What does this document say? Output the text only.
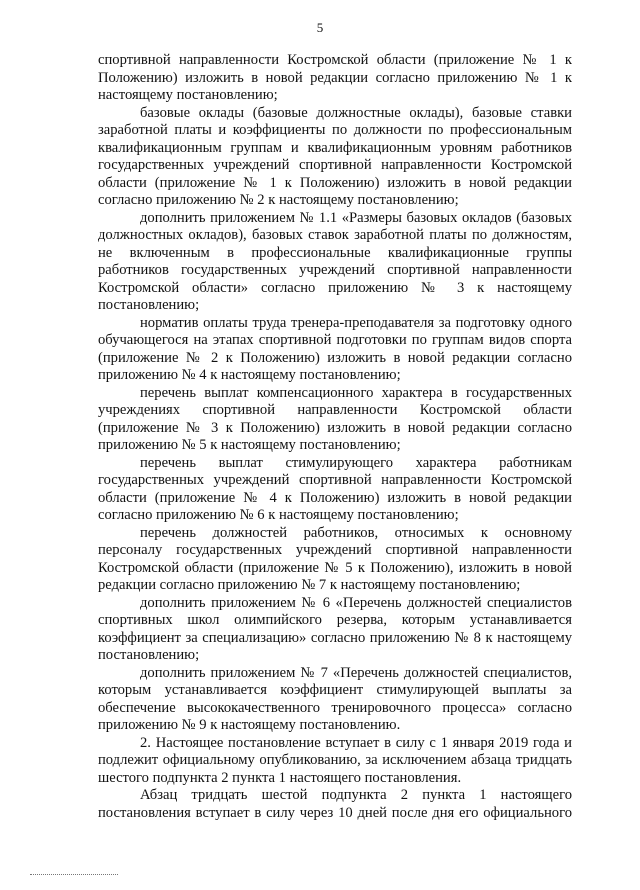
5

спортивной направленности Костромской области (приложение № 1 к
Положению) изложить в новой редакции согласно приложению № 1 к
настоящему постановлению;

базовые оклады (базовые должностные оклады), базовые ставки
заработной платы и коэффициенты по должности по профессиональным
квалификационным группам и квалификационным уровням работников
государственных учреждений спортивной направленности Костромской
области (приложение № 1 к Положению) изложить в новой редакции
согласно приложению № 2 к настоящему постановлению;

дополнить приложением № 1.1 «Размеры базовых окладов (базовых
должностных окладов), базовых ставок заработной платы по должностям,
не включенным в профессиональные квалификационные группы
работников государственных учреждений спортивной направленности
Костромской области» согласно приложению № 3 к настоящему
постановлению;

норматив оплаты труда тренера-преподавателя за подготовку одного
обучающегося на этапах спортивной подготовки по группам видов спорта
(приложение № 2 к Положению) изложить в новой редакции согласно
приложению № 4 к настоящему постановлению;

перечень выплат компенсационного характера в государственных
учреждениях спортивной направленности Костромской области
(приложение № 3 к Положению) изложить в новой редакции согласно
приложению № 5 к настоящему постановлению;

перечень выплат стимулирующего характера работникам
государственных учреждений спортивной направленности Костромской
области (приложение № 4 к Положению) изложить в новой редакции
согласно приложению № 6 к настоящему постановлению;

перечень должностей работников, относимых к основному
персоналу государственных учреждений спортивной направленности
Костромской области (приложение № 5 к Положению), изложить в новой
редакции согласно приложению № 7 к настоящему постановлению;

дополнить приложением № 6 «Перечень должностей специалистов
спортивных школ олимпийского резерва, которым устанавливается
коэффициент за специализацию» согласно приложению № 8 к настоящему
постановлению;

дополнить приложением № 7 «Перечень должностей специалистов,
которым устанавливается коэффициент стимулирующей выплаты за
обеспечение высококачественного тренировочного процесса» согласно
приложению № 9 к настоящему постановлению.

2. Настоящее постановление вступает в силу с 1 января 2019 года и
подлежит официальному опубликованию, за исключением абзаца тридцать
шестого подпункта 2 пункта 1 настоящего постановления.

Абзац тридцать шестой подпункта 2 пункта 1 настоящего
постановления вступает в силу через 10 дней после дня его официального
